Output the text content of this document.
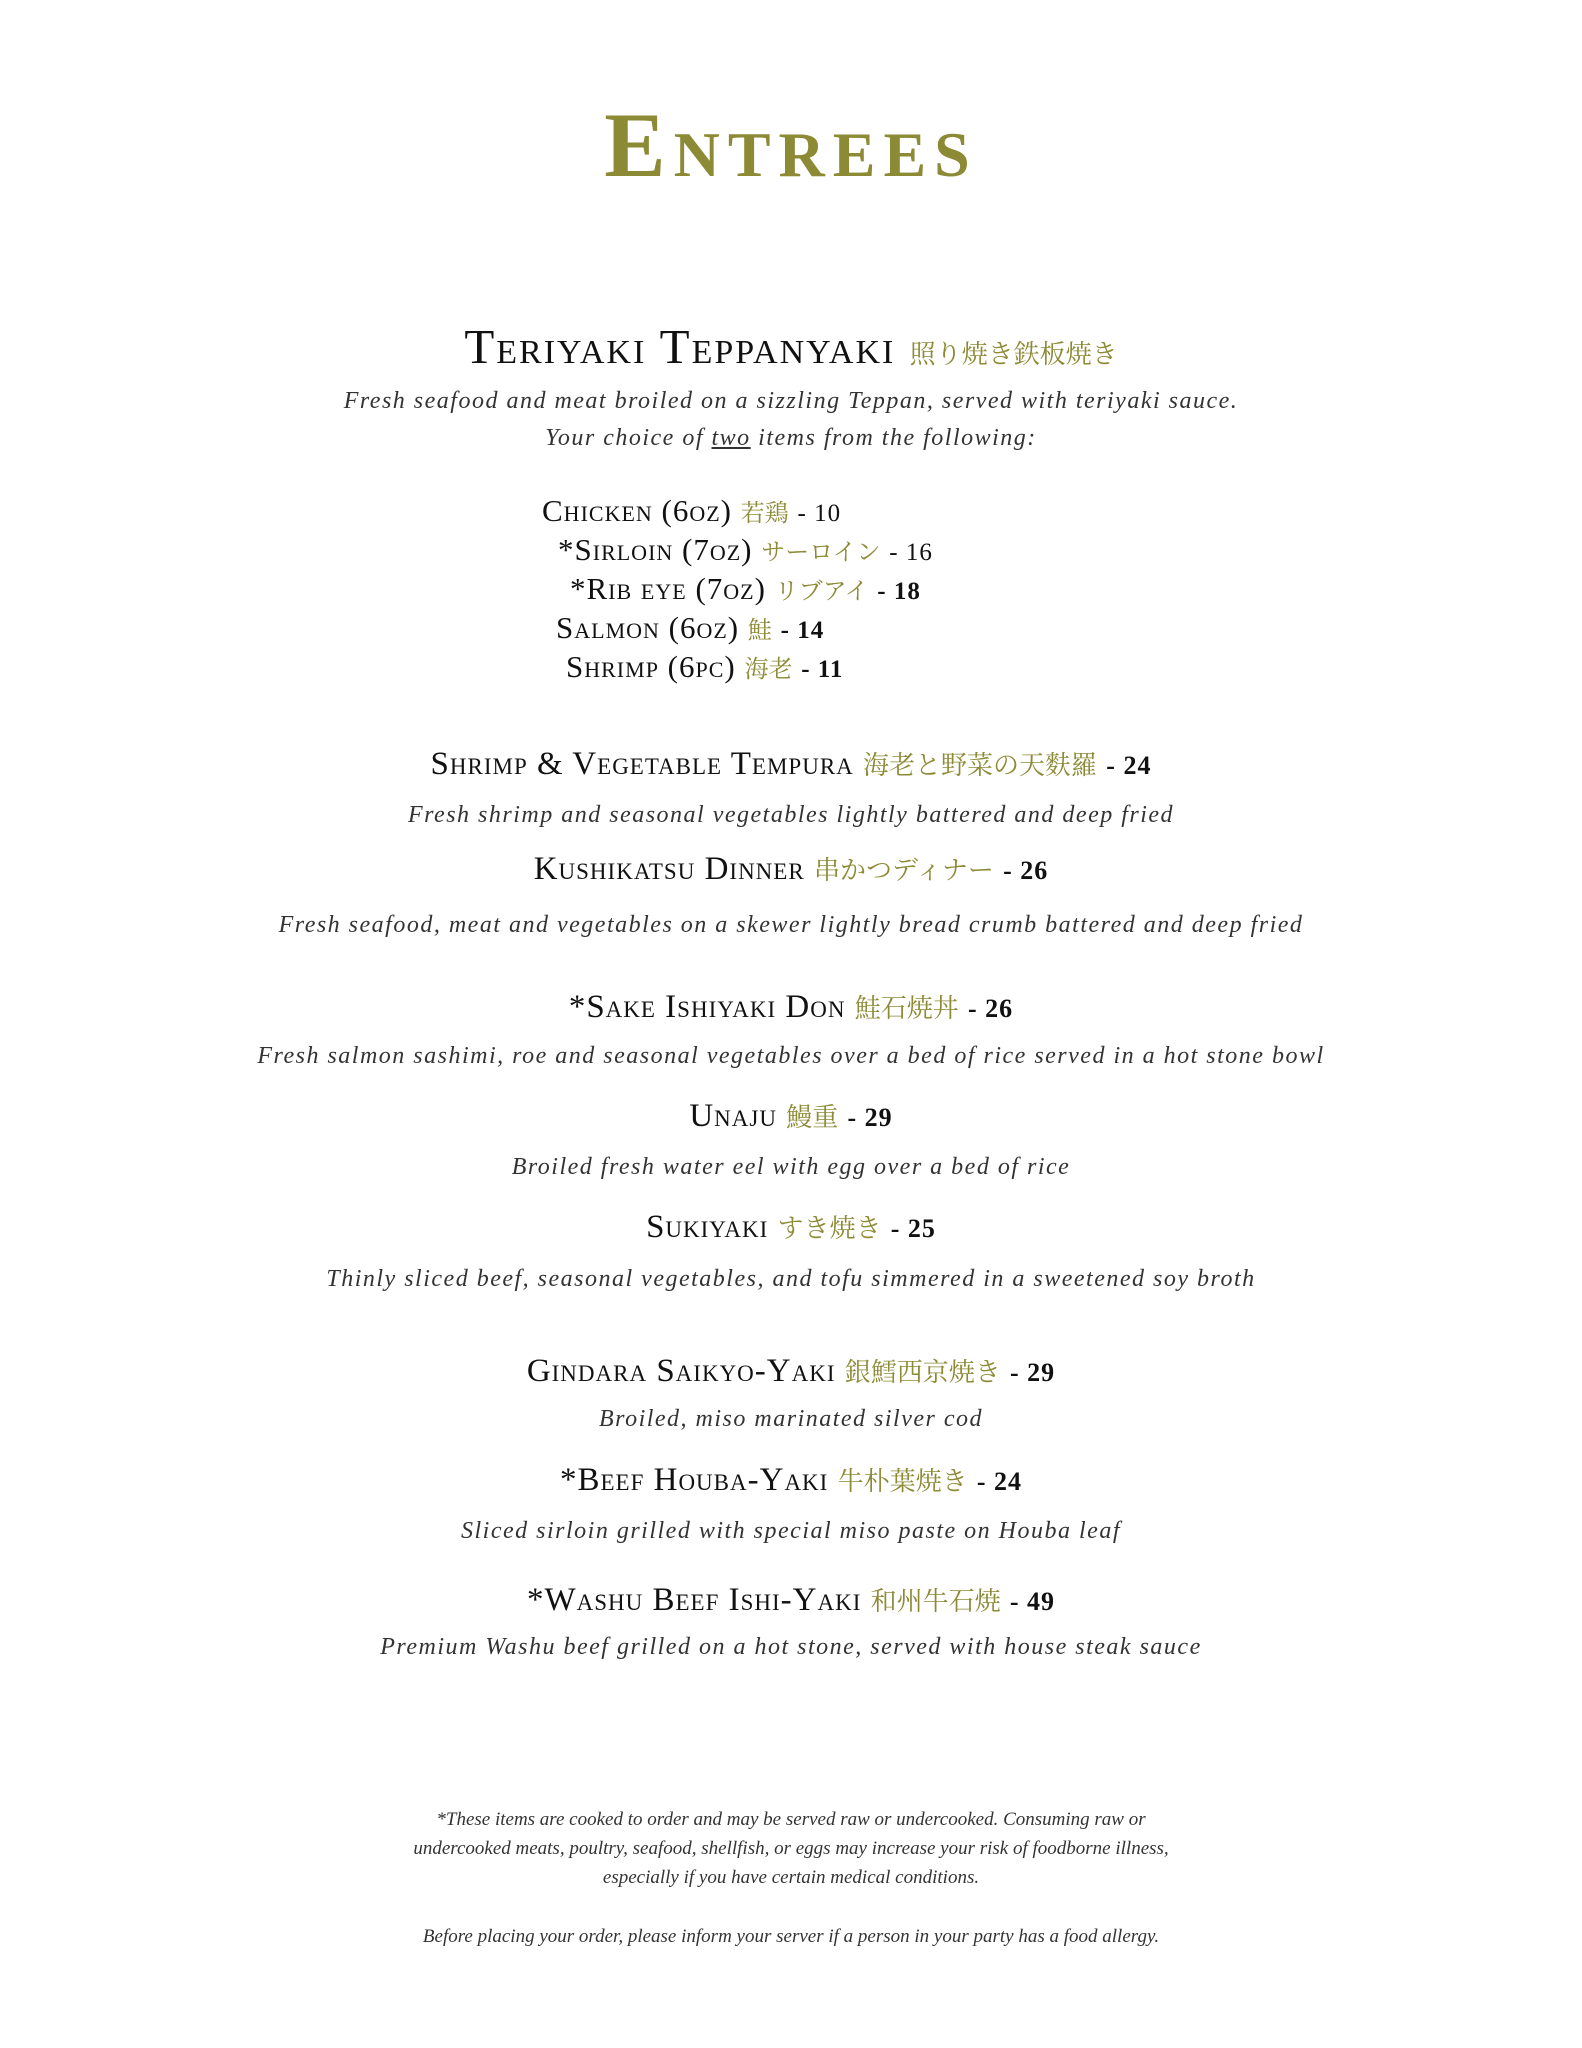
Entrees
Teriyaki Teppanyaki 照り焼き鉄板焼き
Fresh seafood and meat broiled on a sizzling Teppan, served with teriyaki sauce.
Your choice of two items from the following:
Chicken (6oz) 若鶏 - 10
*Sirloin (7oz) サーロイン - 16
*Rib eye (7oz) リブアイ - 18
Salmon (6oz) 鮭 - 14
Shrimp (6pc) 海老 - 11
Shrimp & Vegetable Tempura 海老と野菜の天麩羅 - 24
Fresh shrimp and seasonal vegetables lightly battered and deep fried
Kushikatsu Dinner 串かつディナー - 26
Fresh seafood, meat and vegetables on a skewer lightly bread crumb battered and deep fried
*Sake Ishiyaki Don 鮭石焼丼 - 26
Fresh salmon sashimi, roe and seasonal vegetables over a bed of rice served in a hot stone bowl
Unaju 鰻重 - 29
Broiled fresh water eel with egg over a bed of rice
Sukiyaki すき焼き - 25
Thinly sliced beef, seasonal vegetables, and tofu simmered in a sweetened soy broth
Gindara Saikyo-Yaki 銀鱈西京焼き - 29
Broiled, miso marinated silver cod
*Beef Houba-Yaki 牛朴葉焼き - 24
Sliced sirloin grilled with special miso paste on Houba leaf
*Washu Beef Ishi-Yaki 和州牛石焼 - 49
Premium Washu beef grilled on a hot stone, served with house steak sauce
*These items are cooked to order and may be served raw or undercooked. Consuming raw or
undercooked meats, poultry, seafood, shellfish, or eggs may increase your risk of foodborne illness,
especially if you have certain medical conditions.
Before placing your order, please inform your server if a person in your party has a food allergy.
